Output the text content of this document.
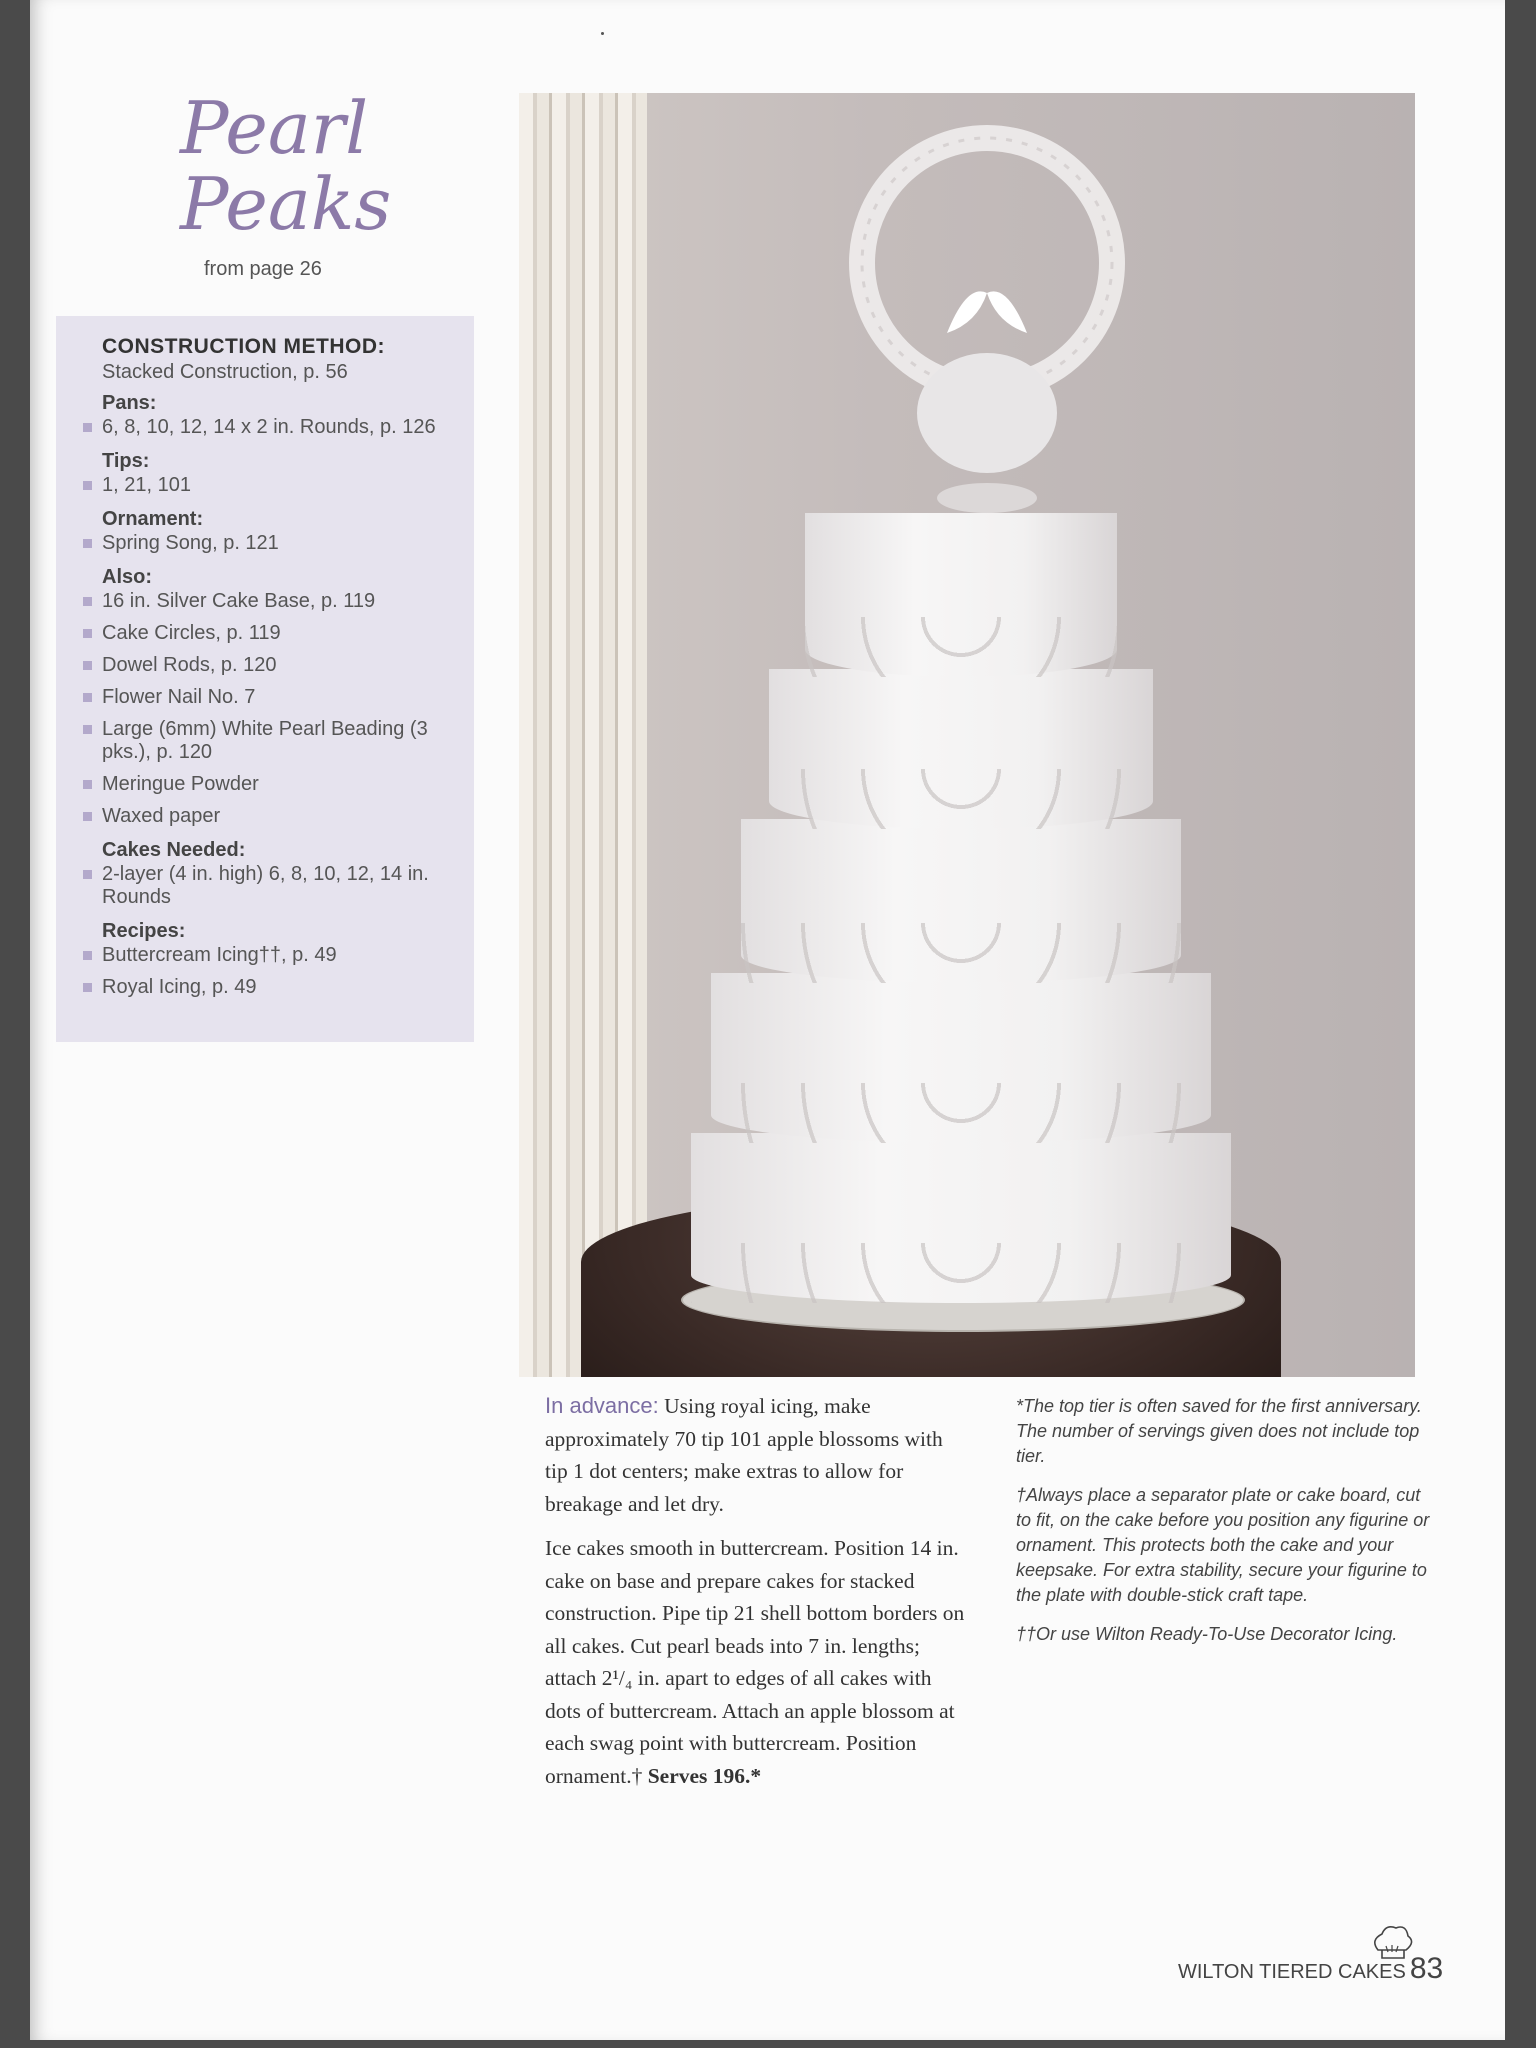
Pearl
Peaks
from page 26
CONSTRUCTION METHOD:
Stacked Construction, p. 56
Pans:
6, 8, 10, 12, 14 x 2 in. Rounds, p. 126
Tips:
1, 21, 101
Ornament:
Spring Song, p. 121
Also:
16 in. Silver Cake Base, p. 119
Cake Circles, p. 119
Dowel Rods, p. 120
Flower Nail No. 7
Large (6mm) White Pearl Beading (3 pks.), p. 120
Meringue Powder
Waxed paper
Cakes Needed:
2-layer (4 in. high) 6, 8, 10, 12, 14 in. Rounds
Recipes:
Buttercream Icing††, p. 49
Royal Icing, p. 49

In advance: Using royal icing, make approximately 70 tip 101 apple blossoms with tip 1 dot centers; make extras to allow for breakage and let dry.

Ice cakes smooth in buttercream. Position 14 in. cake on base and prepare cakes for stacked construction. Pipe tip 21 shell bottom borders on all cakes. Cut pearl beads into 7 in. lengths; attach 2¹/₄ in. apart to edges of all cakes with dots of buttercream. Attach an apple blossom at each swag point with buttercream. Position ornament.† Serves 196.*

*The top tier is often saved for the first anniversary. The number of servings given does not include top tier.

†Always place a separator plate or cake board, cut to fit, on the cake before you position any figurine or ornament. This protects both the cake and your keepsake. For extra stability, secure your figurine to the plate with double-stick craft tape.

††Or use Wilton Ready-To-Use Decorator Icing.

WILTON TIERED CAKES 83
